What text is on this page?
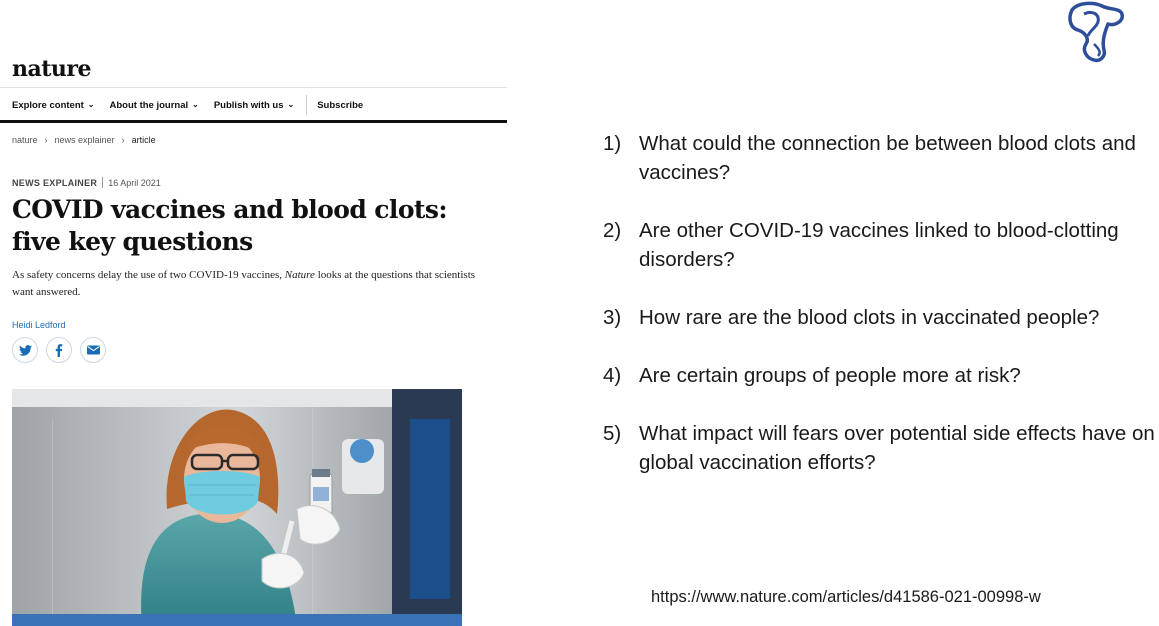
nature
Explore content ⌄ About the journal ⌄ Publish with us ⌄ Subscribe
nature › news explainer › article
NEWS EXPLAINER 16 April 2021
COVID vaccines and blood clots: five key questions
As safety concerns delay the use of two COVID-19 vaccines, Nature looks at the questions that scientists want answered.
Heidi Ledford
1) What could the connection be between blood clots and vaccines?
2) Are other COVID-19 vaccines linked to blood-clotting disorders?
3) How rare are the blood clots in vaccinated people?
4) Are certain groups of people more at risk?
5) What impact will fears over potential side effects have on global vaccination efforts?
https://www.nature.com/articles/d41586-021-00998-w
